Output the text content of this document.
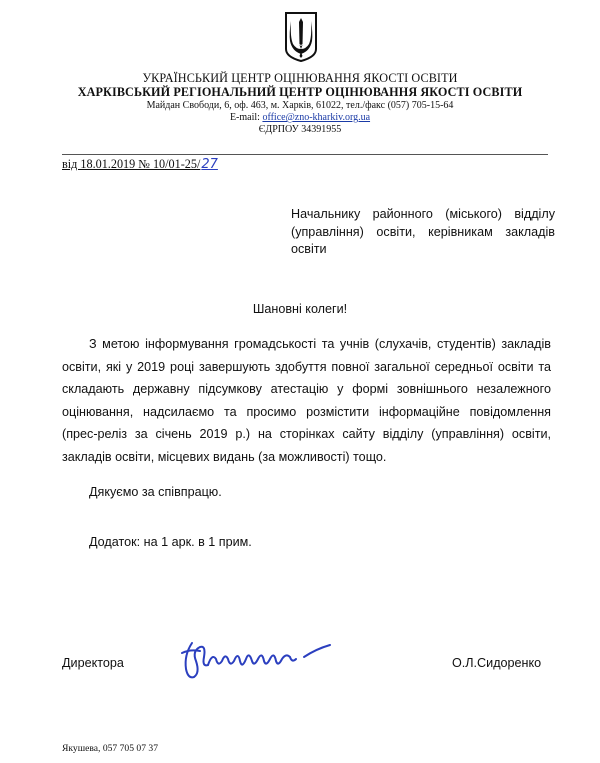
УКРАЇНСЬКИЙ ЦЕНТР ОЦІНЮВАННЯ ЯКОСТІ ОСВІТИ
ХАРКІВСЬКИЙ РЕГІОНАЛЬНИЙ ЦЕНТР ОЦІНЮВАННЯ ЯКОСТІ ОСВІТИ
Майдан Свободи, 6, оф. 463, м. Харків, 61022, тел./факс (057) 705-15-64
E-mail: office@zno-kharkiv.org.ua
ЄДРПОУ 34391955
від 18.01.2019 № 10/01-25/27
Начальнику районного (міського) відділу (управління) освіти, керівникам закладів освіти
Шановні колеги!

З метою інформування громадськості та учнів (слухачів, студентів) закладів освіти, які у 2019 році завершують здобуття повної загальної середньої освіти та складають державну підсумкову атестацію у формі зовнішнього незалежного оцінювання, надсилаємо та просимо розмістити інформаційне повідомлення (прес-реліз за січень 2019 р.) на сторінках сайту відділу (управління) освіти, закладів освіти, місцевих видань (за можливості) тощо.

Дякуємо за співпрацю.
Додаток: на 1 арк. в 1 прим.
Директора	О.Л.Сидоренко
Якушева, 057 705 07 37
